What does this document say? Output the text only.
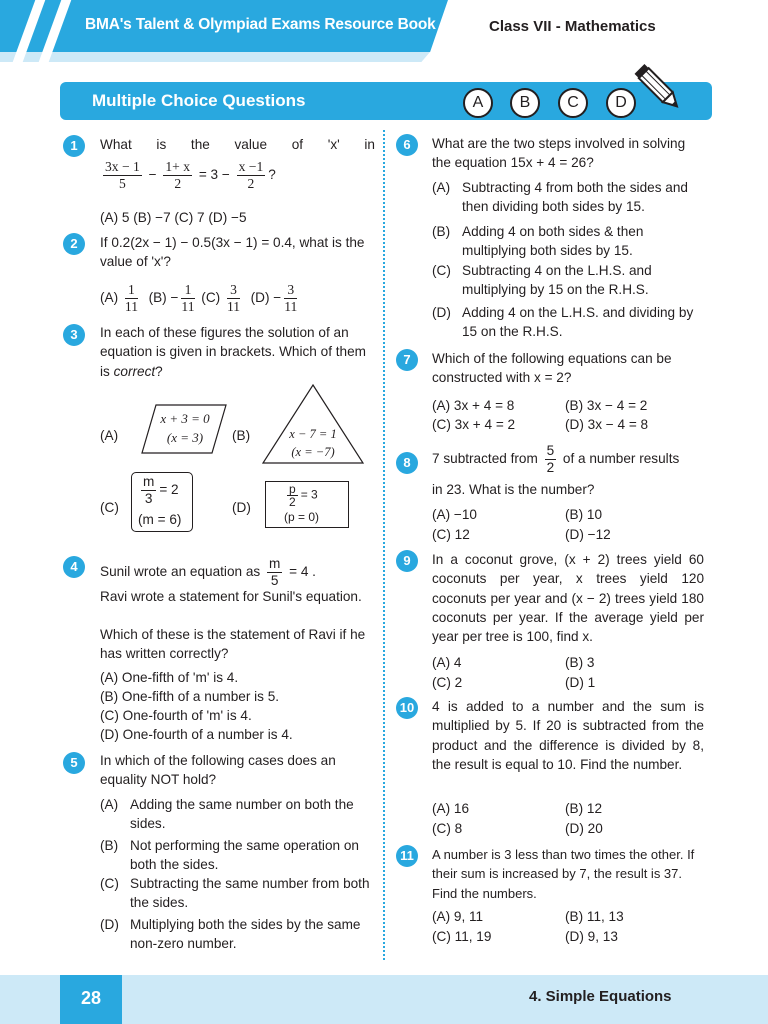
BMA's Talent & Olympiad Exams Resource Book	Class VII - Mathematics
Multiple Choice Questions	A	B	C	D
1	What is the value of 'x' in
$\frac{3x - 1}{5} - \frac{1+ x}{2} = 3 - \frac{x -1}{2}$ ?
(A) 5 (B) −7 (C) 7 (D) −5
2	If 0.2(2x − 1) − 0.5(3x − 1) = 0.4, what is the value of 'x'?
$(A) \frac{1}{11} (B) - \frac{1}{11} (C) \frac{3}{11} (D) - \frac{3}{11}$
3	In each of these figures the solution of an equation is given in brackets. Which of them is correct?
(A)
x + 3 = 0
(x = 3)	(B)	x − 7 = 1
(x = −7)
(C)
$\frac{m}{3} = 2$
(m = 6)
(D)	$\frac{p}{2} = 3$
(p = 0)
4	Sunil wrote an equation as $\frac{m}{5} = 4$ .
Ravi wrote a statement for Sunil's equation.
Which of these is the statement of Ravi if he has written correctly?
(A) One-fifth of 'm' is 4.
(B) One-fifth of a number is 5.
(C) One-fourth of 'm' is 4.
(D) One-fourth of a number is 4.
5	In which of the following cases does an equality NOT hold?
(A) Adding the same number on both the sides.
(B) Not performing the same operation on both the sides.
(C) Subtracting the same number from both the sides.
(D) Multiplying both the sides by the same non-zero number.
6	What are the two steps involved in solving the equation 15x + 4 = 26?
(A) Subtracting 4 from both the sides and then dividing both sides by 15.
(B) Adding 4 on both sides & then multiplying both sides by 15.
(C) Subtracting 4 on the L.H.S. and multiplying by 15 on the R.H.S.
(D) Adding 4 on the L.H.S. and dividing by 15 on the R.H.S.
7	Which of the following equations can be constructed with x = 2?
(A) 3x + 4 = 8	(B) 3x − 4 = 2
(C) 3x + 4 = 2	(D) 3x − 4 = 8
8	7 subtracted from $\frac{5}{2}$ of a number results
in 23. What is the number?
(A) −10	(B) 10
(C) 12	(D) −12
9	In a coconut grove, (x + 2) trees yield 60 coconuts per year, x trees yield 120 coconuts per year and (x − 2) trees yield 180 coconuts per year. If the average yield per year per tree is 100, find x.
(A) 4	(B) 3
(C) 2	(D) 1
10 4 is added to a number and the sum is multiplied by 5. If 20 is subtracted from the product and the difference is divided by 8, the result is equal to 10. Find the number.
(A) 16	(B) 12
(C) 8	(D) 20
11	A number is 3 less than two times the other. If their sum is increased by 7, the result is 37. Find the numbers.
(A) 9, 11	(B) 11, 13
(C) 11, 19	(D) 9, 13
28	4. Simple Equations
